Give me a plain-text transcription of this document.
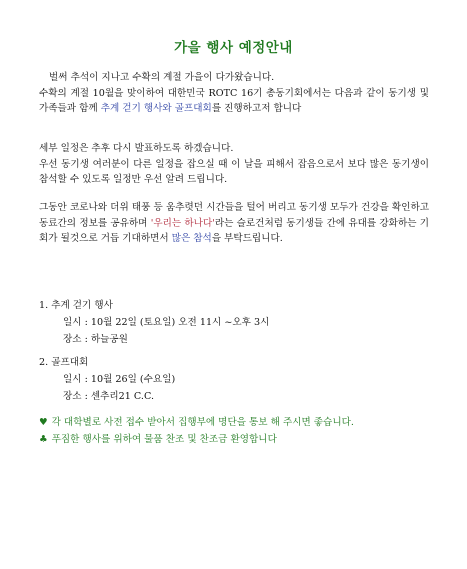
가을 행사 예정안내
벌써 추석이 지나고 수확의 계절 가을이 다가왔습니다.
수확의 계절 10월을 맞이하여 대한민국 ROTC 16기 총동기회에서는 다음과 같이 동기생 및 가족들과 함께 추계 걷기 행사와 골프대회를 진행하고저 합니다
세부 일정은 추후 다시 발표하도록 하겠습니다.
우선 동기생 여러분이 다른 일정을 잡으실 때 이 날을 피해서 잡음으로서 보다 많은 동기생이 참석할 수 있도록 일정만 우선 알려 드립니다.
그동안 코로나와 더위 태풍 등 움추렷던 시간들을 털어 버리고 동기생 모두가 건강을 확인하고 동료간의 정보를 공유하며 '우리는 하나다'라는 슬로건처럼 동기생들 간에 유대를 강화하는 기회가 될것으로 거듭 기대하면서 많은 참석을 부탁드립니다.
1. 추계 걷기 행사
일시 : 10월 22일 (토요일) 오전 11시 ~오후 3시
장소 : 하늘공원
2. 골프대회
일시 : 10월 26일 (수요일)
장소 : 센추리21 C.C.
♥ 각 대학별로 사전 접수 받아서 집행부에 명단을 통보 해 주시면 좋습니다.
♣ 푸짐한 행사를 위하여 물품 찬조 및 찬조금 환영합니다
